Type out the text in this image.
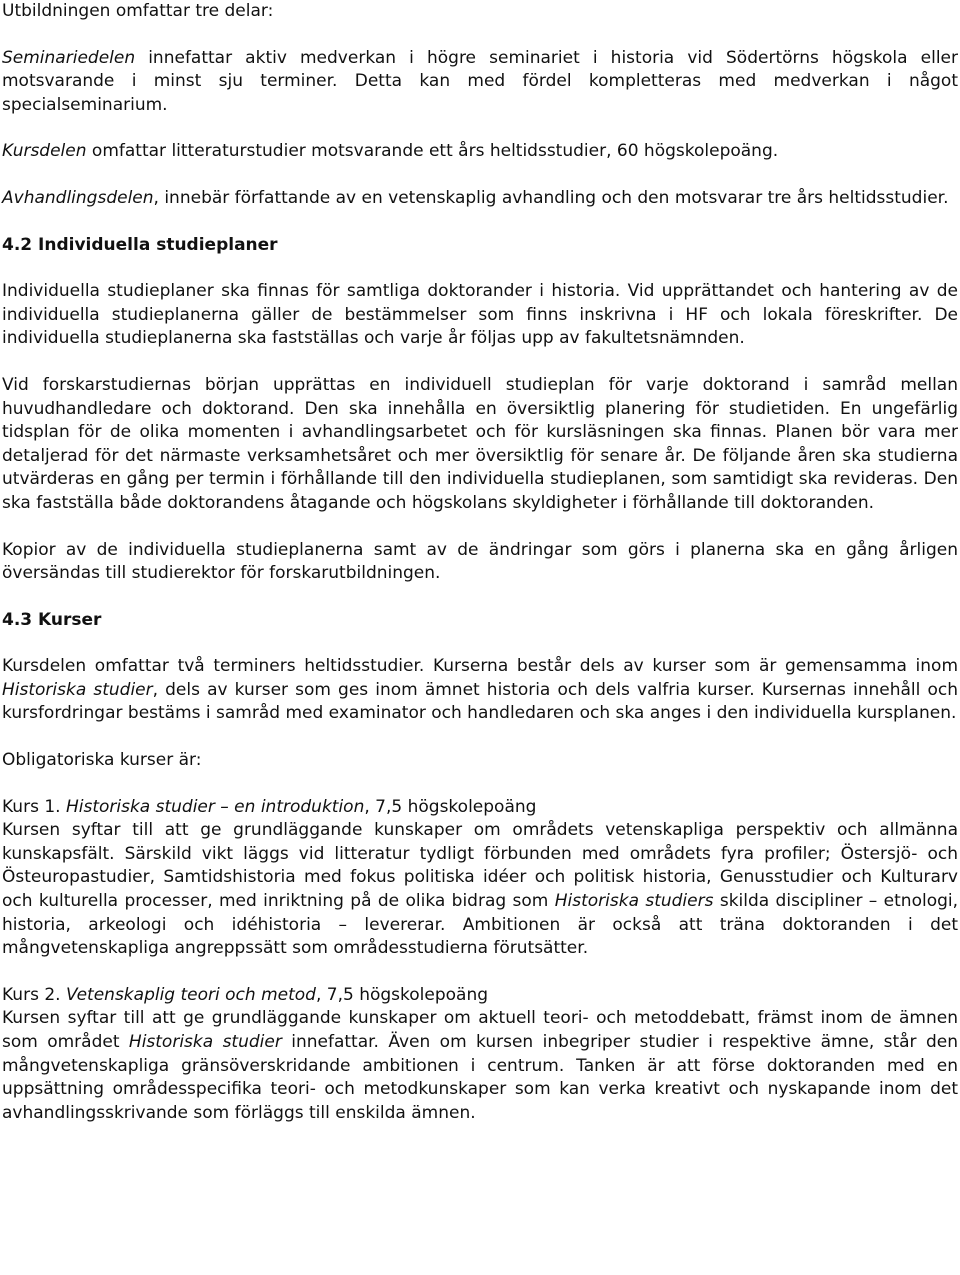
Utbildningen omfattar tre delar:

Seminariedelen innefattar aktiv medverkan i högre seminariet i historia vid Södertörns högskola eller motsvarande i minst sju terminer. Detta kan med fördel kompletteras med medverkan i något specialseminarium.

Kursdelen omfattar litteraturstudier motsvarande ett års heltidsstudier, 60 högskolepoäng.

Avhandlingsdelen, innebär författande av en vetenskaplig avhandling och den motsvarar tre års heltidsstudier.

4.2 Individuella studieplaner

Individuella studieplaner ska finnas för samtliga doktorander i historia. Vid upprättandet och hantering av de individuella studieplanerna gäller de bestämmelser som finns inskrivna i HF och lokala föreskrifter. De individuella studieplanerna ska fastställas och varje år följas upp av fakultetsnämnden.

Vid forskarstudiernas början upprättas en individuell studieplan för varje doktorand i samråd mellan huvudhandledare och doktorand. Den ska innehålla en översiktlig planering för studietiden. En ungefärlig tidsplan för de olika momenten i avhandlingsarbetet och för kursläsningen ska finnas. Planen bör vara mer detaljerad för det närmaste verksamhetsåret och mer översiktlig för senare år. De följande åren ska studierna utvärderas en gång per termin i förhållande till den individuella studieplanen, som samtidigt ska revideras. Den ska fastställa både doktorandens åtagande och högskolans skyldigheter i förhållande till doktoranden.

Kopior av de individuella studieplanerna samt av de ändringar som görs i planerna ska en gång årligen översändas till studierektor för forskarutbildningen.

4.3 Kurser

Kursdelen omfattar två terminers heltidsstudier. Kurserna består dels av kurser som är gemensamma inom Historiska studier, dels av kurser som ges inom ämnet historia och dels valfria kurser. Kursernas innehåll och kursfordringar bestäms i samråd med examinator och handledaren och ska anges i den individuella kursplanen.

Obligatoriska kurser är:

Kurs 1. Historiska studier – en introduktion, 7,5 högskolepoäng

Kursen syftar till att ge grundläggande kunskaper om områdets vetenskapliga perspektiv och allmänna kunskapsfält. Särskild vikt läggs vid litteratur tydligt förbunden med områdets fyra profiler; Östersjö- och Östeuropastudier, Samtidshistoria med fokus politiska idéer och politisk historia, Genusstudier och Kulturarv och kulturella processer, med inriktning på de olika bidrag som Historiska studiers skilda discipliner – etnologi, historia, arkeologi och idéhistoria – levererar. Ambitionen är också att träna doktoranden i det mångvetenskapliga angreppssätt som områdesstudierna förutsätter.

Kurs 2. Vetenskaplig teori och metod, 7,5 högskolepoäng

Kursen syftar till att ge grundläggande kunskaper om aktuell teori- och metoddebatt, främst inom de ämnen som området Historiska studier innefattar. Även om kursen inbegriper studier i respektive ämne, står den mångvetenskapliga gränsöverskridande ambitionen i centrum. Tanken är att förse doktoranden med en uppsättning områdesspecifika teori- och metodkunskaper som kan verka kreativt och nyskapande inom det avhandlingsskrivande som förläggs till enskilda ämnen.
